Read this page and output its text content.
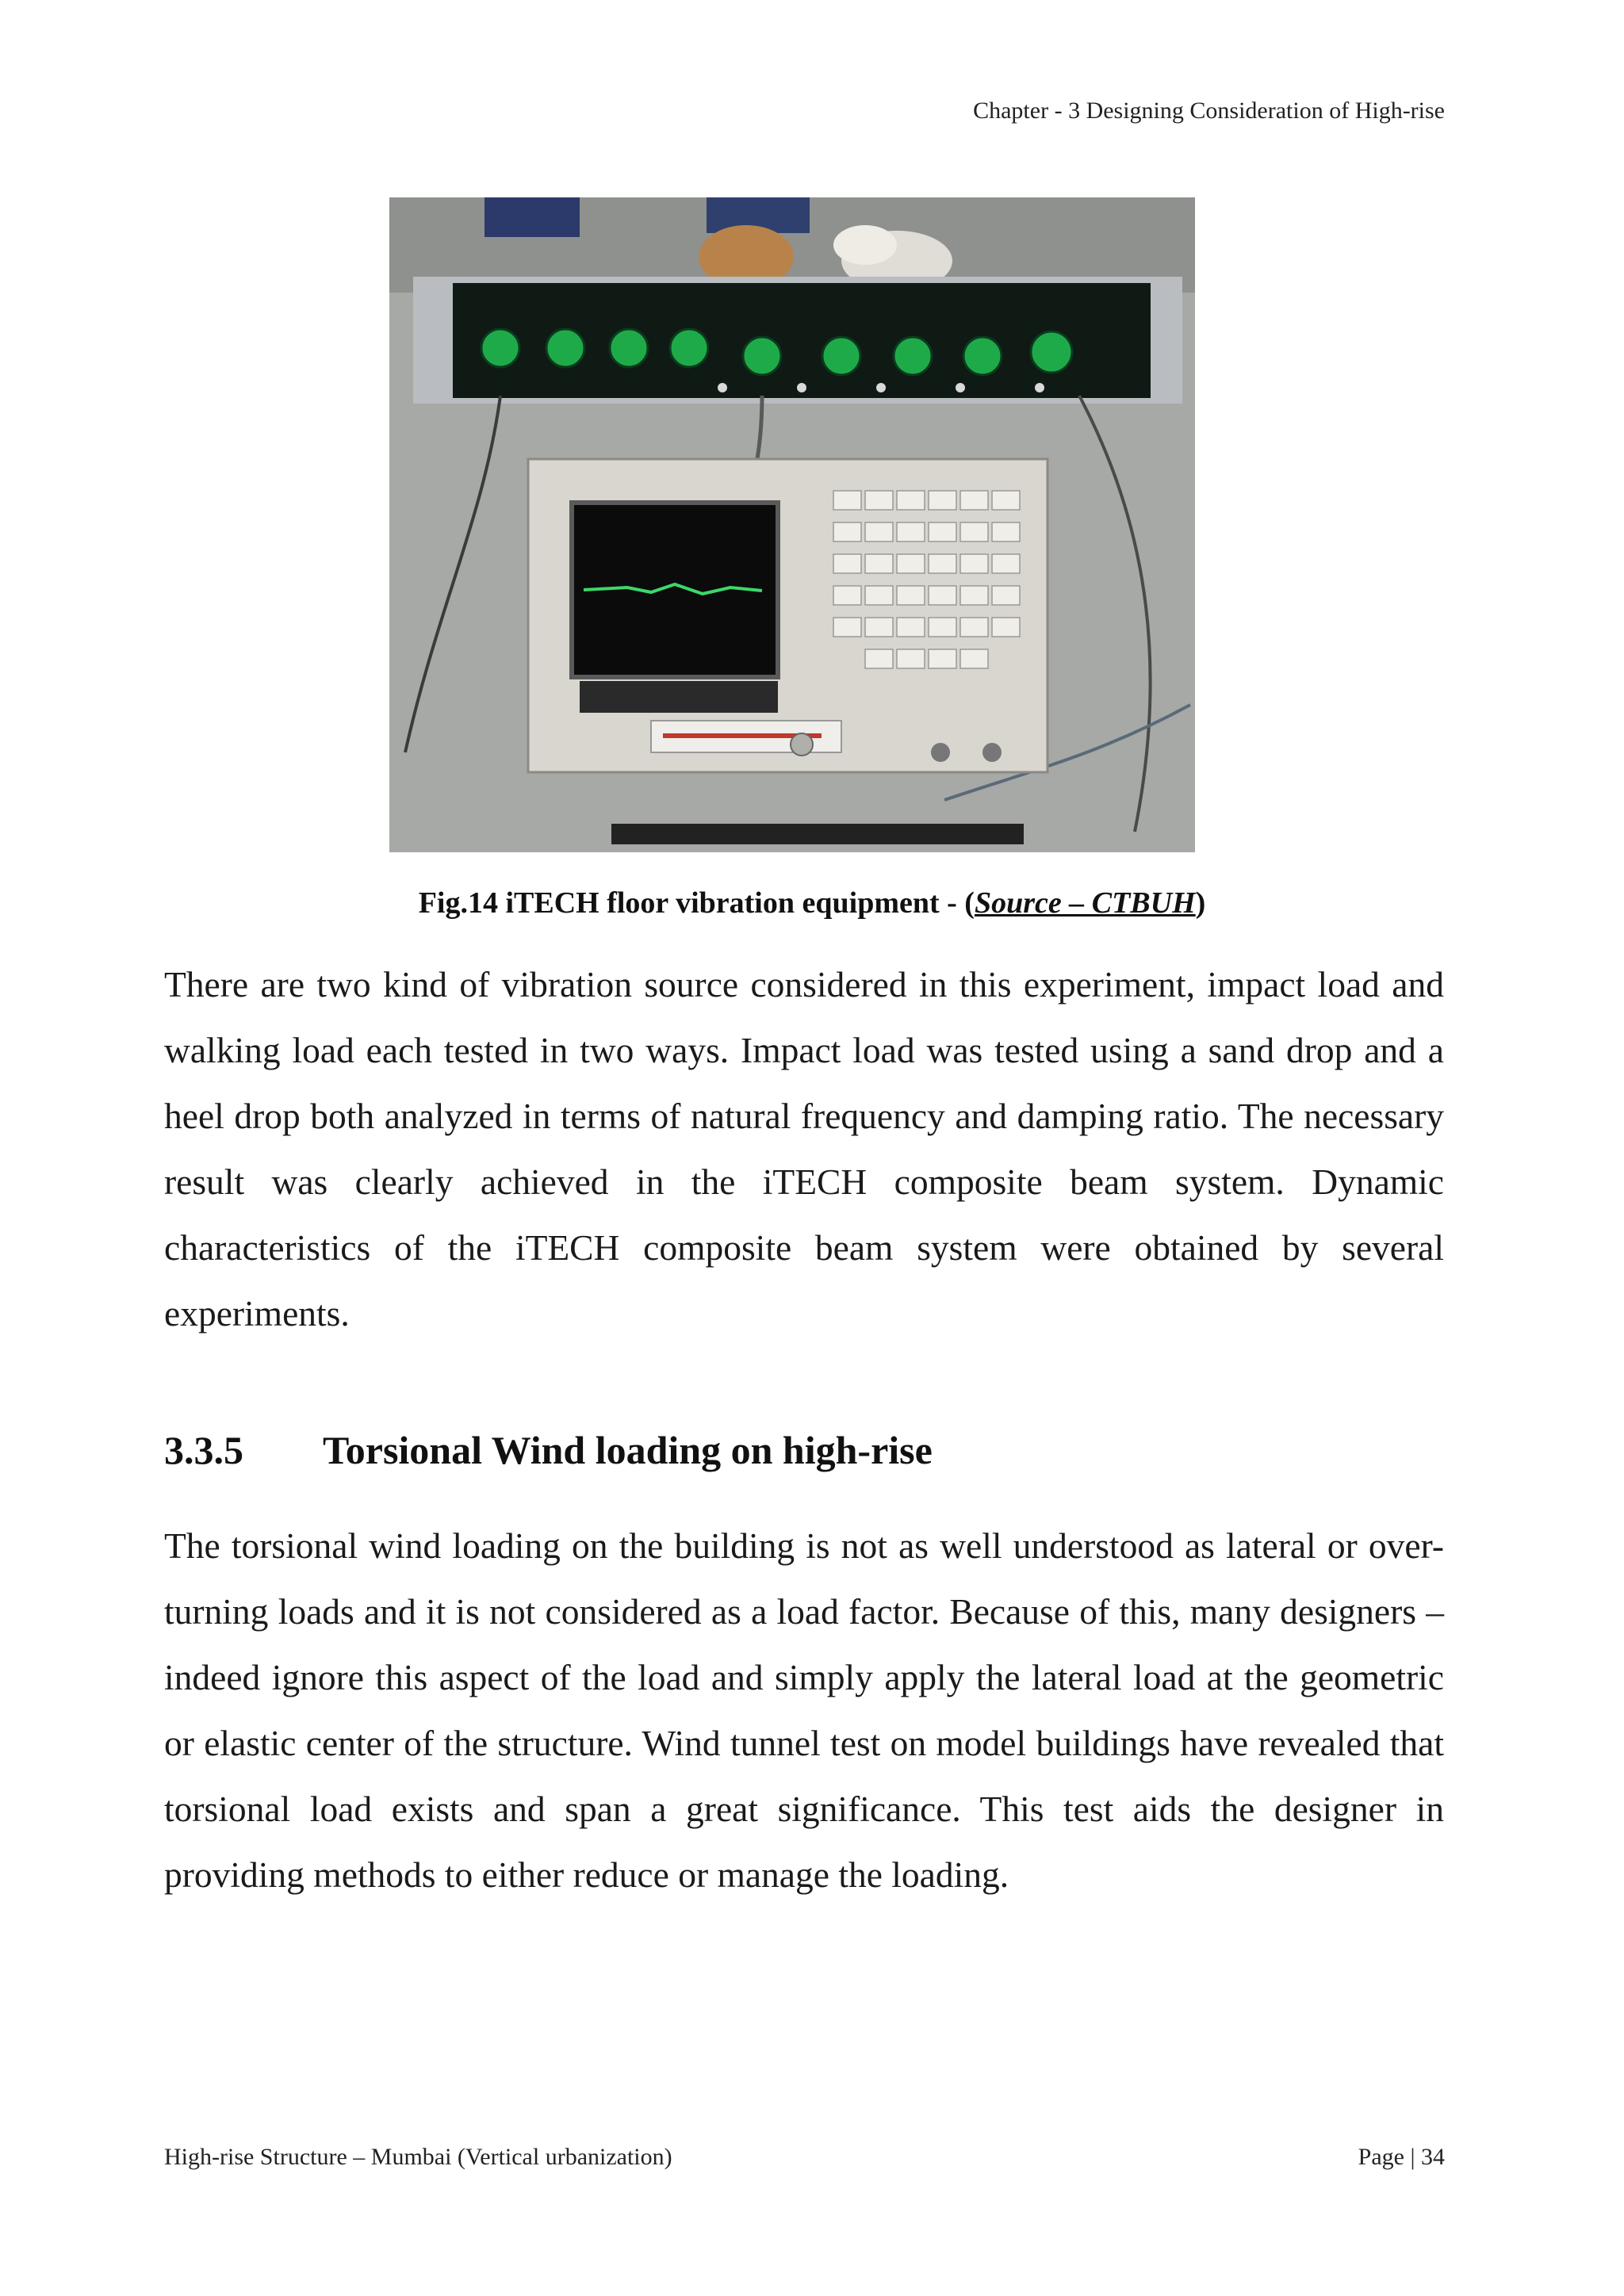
Chapter - 3 Designing Consideration of High-rise
Fig.14 iTECH floor vibration equipment - (Source – CTBUH)

There are two kind of vibration source considered in this experiment, impact load and walking load each tested in two ways. Impact load was tested using a sand drop and a heel drop both analyzed in terms of natural frequency and damping ratio. The necessary result was clearly achieved in the iTECH composite beam system. Dynamic characteristics of the iTECH composite beam system were obtained by several experiments.

3.3.5 Torsional Wind loading on high-rise

The torsional wind loading on the building is not as well understood as lateral or over-turning loads and it is not considered as a load factor. Because of this, many designers – indeed ignore this aspect of the load and simply apply the lateral load at the geometric or elastic center of the structure. Wind tunnel test on model buildings have revealed that torsional load exists and span a great significance. This test aids the designer in providing methods to either reduce or manage the loading.

High-rise Structure – Mumbai (Vertical urbanization)	Page | 34
